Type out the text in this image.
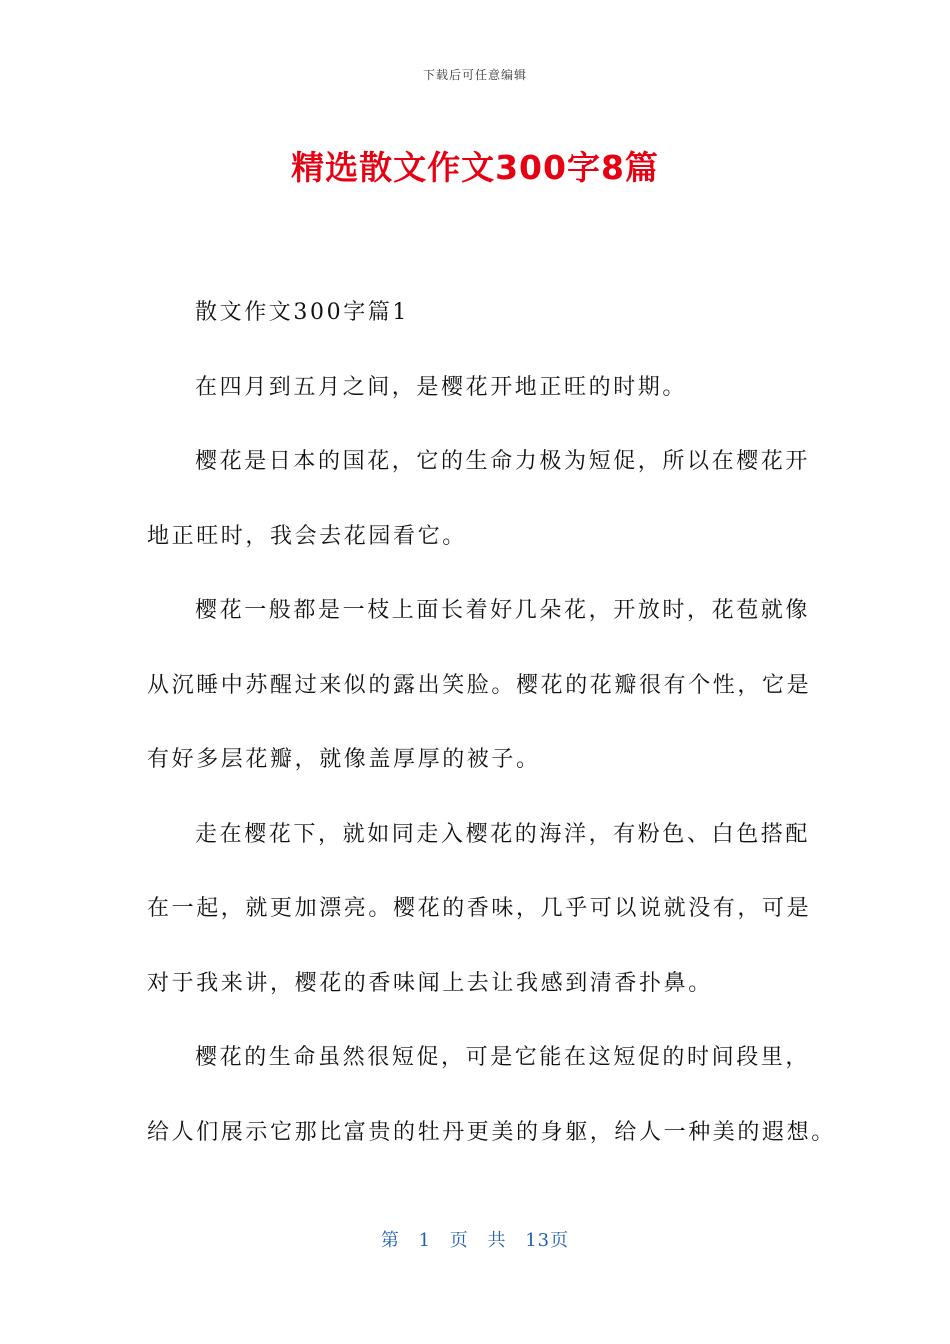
下载后可任意编辑
精选散文作文300字8篇

散文作文300字篇1

在四月到五月之间，是樱花开地正旺的时期。

樱花是日本的国花，它的生命力极为短促，所以在樱花开
地正旺时，我会去花园看它。

樱花一般都是一枝上面长着好几朵花，开放时，花苞就像
从沉睡中苏醒过来似的露出笑脸。樱花的花瓣很有个性，它是
有好多层花瓣，就像盖厚厚的被子。

走在樱花下，就如同走入樱花的海洋，有粉色、白色搭配
在一起，就更加漂亮。樱花的香味，几乎可以说就没有，可是
对于我来讲，樱花的香味闻上去让我感到清香扑鼻。

樱花的生命虽然很短促，可是它能在这短促的时间段里，
给人们展示它那比富贵的牡丹更美的身躯，给人一种美的遐想。

第 1 页 共 13页
